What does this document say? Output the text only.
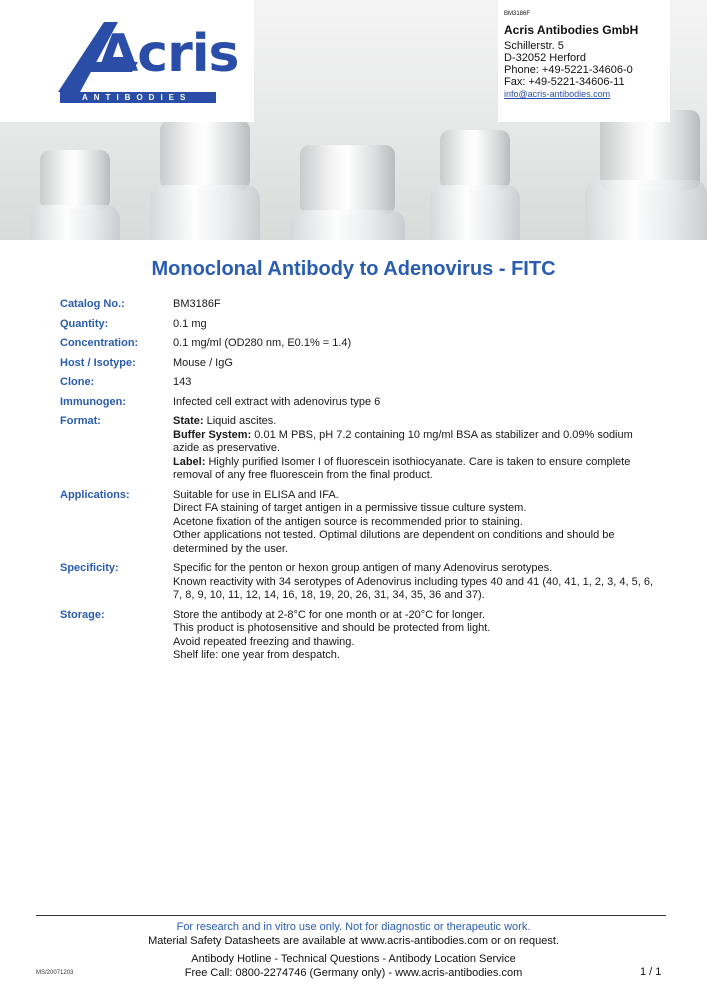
Acris
ANTIBODIES
BM3186F
Acris Antibodies GmbH
Schillerstr. 5
D-32052 Herford
Phone: +49-5221-34606-0
Fax: +49-5221-34606-11
info@acris-antibodies.com
Monoclonal Antibody to Adenovirus - FITC
Catalog No.:	BM3186F
Quantity:	0.1 mg
Concentration:	0.1 mg/ml (OD280 nm, E0.1% = 1.4)
Host / Isotype:	Mouse / IgG
Clone:	143
Immunogen:	Infected cell extract with adenovirus type 6
Format:	State: Liquid ascites.
Buffer System: 0.01 M PBS, pH 7.2 containing 10 mg/ml BSA as stabilizer and 0.09% sodium azide as preservative.
Label: Highly purified Isomer I of fluorescein isothiocyanate. Care is taken to ensure complete removal of any free fluorescein from the final product.
Applications:	Suitable for use in ELISA and IFA.
Direct FA staining of target antigen in a permissive tissue culture system.
Acetone fixation of the antigen source is recommended prior to staining.
Other applications not tested. Optimal dilutions are dependent on conditions and should be determined by the user.
Specificity:	Specific for the penton or hexon group antigen of many Adenovirus serotypes.
Known reactivity with 34 serotypes of Adenovirus including types 40 and 41 (40, 41, 1, 2, 3, 4, 5, 6, 7, 8, 9, 10, 11, 12, 14, 16, 18, 19, 20, 26, 31, 34, 35, 36 and 37).
Storage:	Store the antibody at 2-8°C for one month or at -20°C for longer.
This product is photosensitive and should be protected from light.
Avoid repeated freezing and thawing.
Shelf life: one year from despatch.
For research and in vitro use only. Not for diagnostic or therapeutic work.
Material Safety Datasheets are available at www.acris-antibodies.com or on request.
Antibody Hotline - Technical Questions - Antibody Location Service
Free Call: 0800-2274746 (Germany only) - www.acris-antibodies.com
MS/20071203	1 / 1
